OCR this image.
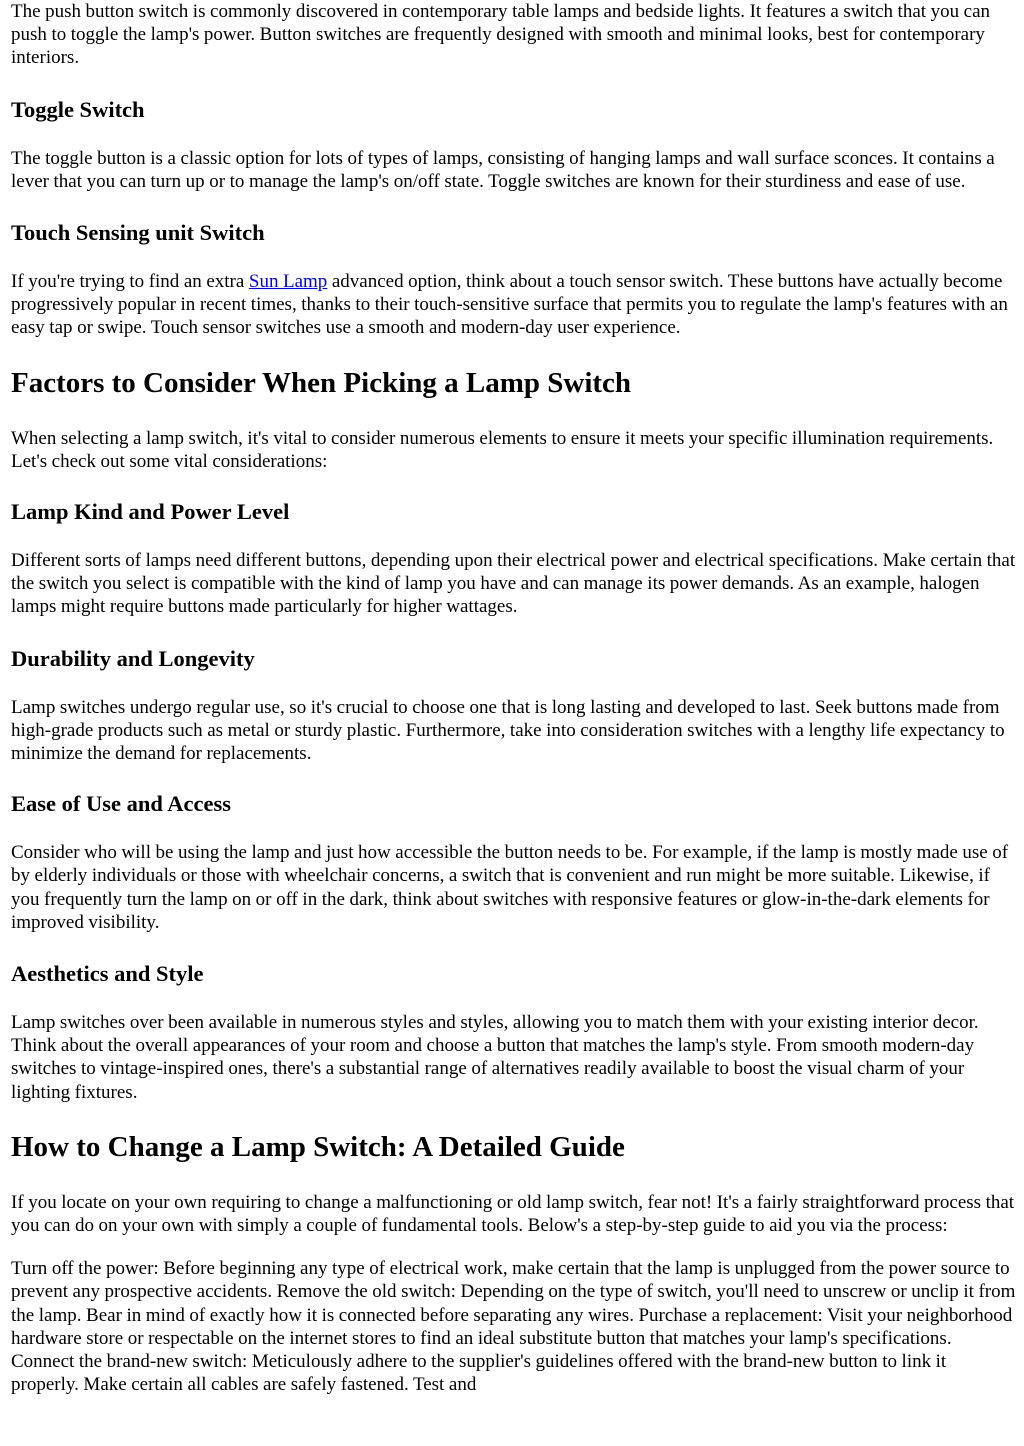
The push button switch is commonly discovered in contemporary table lamps and bedside lights. It features a switch that you can push to toggle the lamp's power. Button switches are frequently designed with smooth and minimal looks, best for contemporary interiors.

Toggle Switch

The toggle button is a classic option for lots of types of lamps, consisting of hanging lamps and wall surface sconces. It contains a lever that you can turn up or to manage the lamp's on/off state. Toggle switches are known for their sturdiness and ease of use.

Touch Sensing unit Switch

If you're trying to find an extra Sun Lamp advanced option, think about a touch sensor switch. These buttons have actually become progressively popular in recent times, thanks to their touch-sensitive surface that permits you to regulate the lamp's features with an easy tap or swipe. Touch sensor switches use a smooth and modern-day user experience.

Factors to Consider When Picking a Lamp Switch

When selecting a lamp switch, it's vital to consider numerous elements to ensure it meets your specific illumination requirements. Let's check out some vital considerations:

Lamp Kind and Power Level

Different sorts of lamps need different buttons, depending upon their electrical power and electrical specifications. Make certain that the switch you select is compatible with the kind of lamp you have and can manage its power demands. As an example, halogen lamps might require buttons made particularly for higher wattages.

Durability and Longevity

Lamp switches undergo regular use, so it's crucial to choose one that is long lasting and developed to last. Seek buttons made from high-grade products such as metal or sturdy plastic. Furthermore, take into consideration switches with a lengthy life expectancy to minimize the demand for replacements.

Ease of Use and Access

Consider who will be using the lamp and just how accessible the button needs to be. For example, if the lamp is mostly made use of by elderly individuals or those with wheelchair concerns, a switch that is convenient and run might be more suitable. Likewise, if you frequently turn the lamp on or off in the dark, think about switches with responsive features or glow-in-the-dark elements for improved visibility.

Aesthetics and Style

Lamp switches over been available in numerous styles and styles, allowing you to match them with your existing interior decor. Think about the overall appearances of your room and choose a button that matches the lamp's style. From smooth modern-day switches to vintage-inspired ones, there's a substantial range of alternatives readily available to boost the visual charm of your lighting fixtures.

How to Change a Lamp Switch: A Detailed Guide

If you locate on your own requiring to change a malfunctioning or old lamp switch, fear not! It's a fairly straightforward process that you can do on your own with simply a couple of fundamental tools. Below's a step-by-step guide to aid you via the process:

Turn off the power: Before beginning any type of electrical work, make certain that the lamp is unplugged from the power source to prevent any prospective accidents. Remove the old switch: Depending on the type of switch, you'll need to unscrew or unclip it from the lamp. Bear in mind of exactly how it is connected before separating any wires. Purchase a replacement: Visit your neighborhood hardware store or respectable on the internet stores to find an ideal substitute button that matches your lamp's specifications. Connect the brand-new switch: Meticulously adhere to the supplier's guidelines offered with the brand-new button to link it properly. Make certain all cables are safely fastened. Test and
